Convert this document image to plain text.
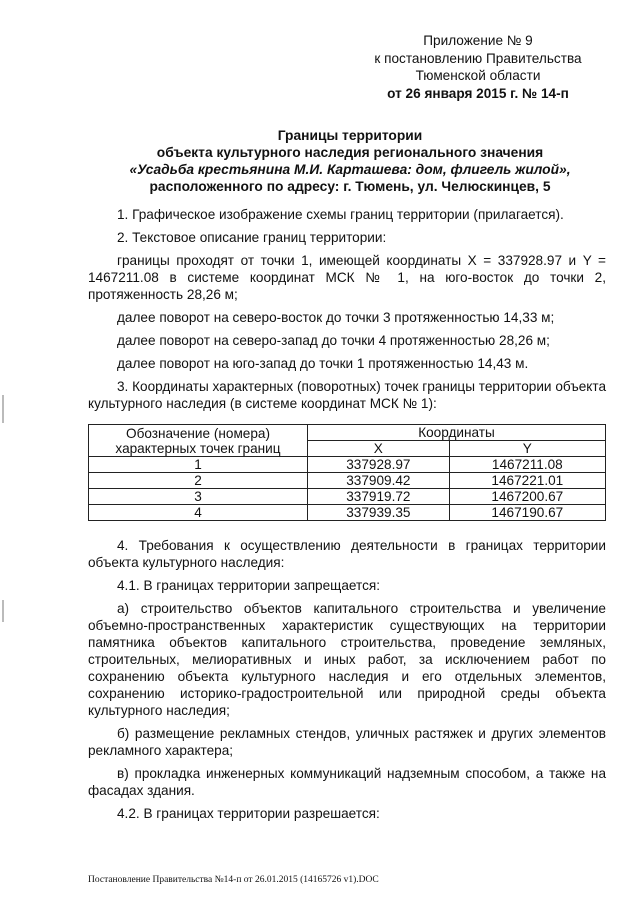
Приложение № 9
к постановлению Правительства
Тюменской области
от 26 января 2015 г. № 14-п
Границы территории
объекта культурного наследия регионального значения
«Усадьба крестьянина М.И. Карташева: дом, флигель жилой»,
расположенного по адресу: г. Тюмень, ул. Челюскинцев, 5

1. Графическое изображение схемы границ территории (прилагается).

2. Текстовое описание границ территории:

границы проходят от точки 1, имеющей координаты X = 337928.97 и Y = 1467211.08 в системе координат МСК № 1, на юго-восток до точки 2, протяженность 28,26 м;

далее поворот на северо-восток до точки 3 протяженностью 14,33 м;

далее поворот на северо-запад до точки 4 протяженностью 28,26 м;

далее поворот на юго-запад до точки 1 протяженностью 14,43 м.

3. Координаты характерных (поворотных) точек границы территории объекта культурного наследия (в системе координат МСК № 1):

Обозначение (номера) характерных точек границ	Координаты	
	X	Y
1	337928.97	1467211.08
2	337909.42	1467221.01
3	337919.72	1467200.67
4	337939.35	1467190.67

4. Требования к осуществлению деятельности в границах территории объекта культурного наследия:

4.1. В границах территории запрещается:

а) строительство объектов капитального строительства и увеличение объемно-пространственных характеристик существующих на территории памятника объектов капитального строительства, проведение земляных, строительных, мелиоративных и иных работ, за исключением работ по сохранению объекта культурного наследия и его отдельных элементов, сохранению историко-градостроительной или природной среды объекта культурного наследия;

б) размещение рекламных стендов, уличных растяжек и других элементов рекламного характера;

в) прокладка инженерных коммуникаций надземным способом, а также на фасадах здания.

4.2. В границах территории разрешается:

Постановление Правительства №14-п от 26.01.2015 (14165726 v1).DOC
